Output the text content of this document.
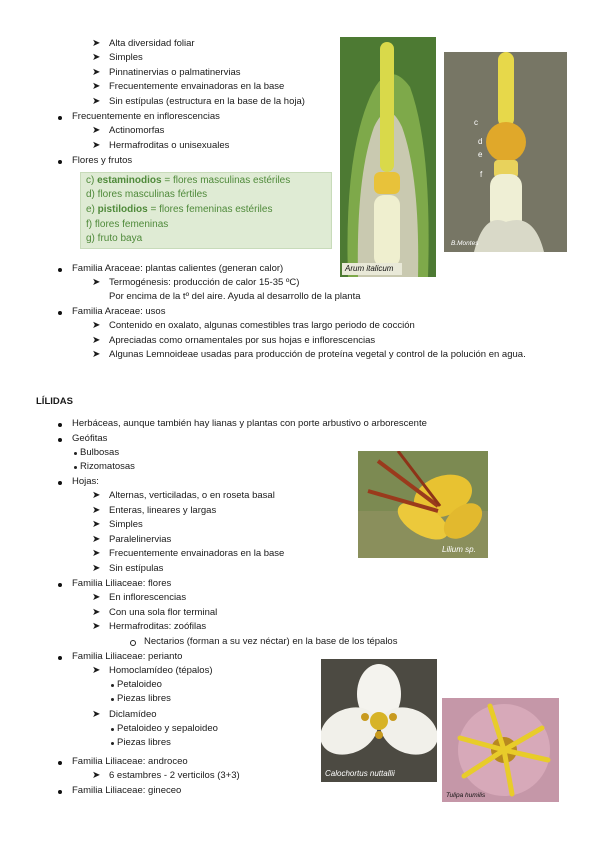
➤ Alta diversidad foliar
➤ Simples
➤ Pinnatinervias o palmatinervias
➤ Frecuentemente envainadoras en la base
➤ Sin estípulas (estructura en la base de la hoja)
Frecuentemente en inflorescencias
➤ Actinomorfas
➤ Hermafroditas o unisexuales
Flores y frutos
c) estaminodios = flores masculinas estériles
d) flores masculinas fértiles
e) pistilodios = flores femeninas estériles
f) flores femeninas
g) fruto baya
Familia Araceae: plantas calientes (generan calor)
➤ Termogénesis: producción de calor 15-35 ºC)
Por encima de la tº del aire. Ayuda al desarrollo de la planta
Familia Araceae: usos
➤ Contenido en oxalato, algunas comestibles tras largo periodo de cocción
➤ Apreciadas como ornamentales por sus hojas e inflorescencias
➤ Algunas Lemnoideae usadas para producción de proteína vegetal y control de la polución en agua.
LÍLIDAS
Herbáceas, aunque también hay lianas y plantas con porte arbustivo o arborescente
Geófitas
Bulbosas
Rizomatosas
Hojas:
➤ Alternas, verticiladas, o en roseta basal
➤ Enteras, lineares y largas
➤ Simples
➤ Paralelinervias
➤ Frecuentemente envainadoras en la base
➤ Sin estípulas
Familia Liliaceae: flores
➤ En inflorescencias
➤ Con una sola flor terminal
➤ Hermafroditas: zoófilas
Nectarios (forman a su vez néctar) en la base de los tépalos
Familia Liliaceae: perianto
➤ Homoclamídeo (tépalos)
Petaloideo
Piezas libres
➤ Diclamídeo
Petaloideo y sepaloideo
Piezas libres
Familia Liliaceae: androceo
➤ 6 estambres - 2 verticilos (3+3)
Familia Liliaceae: gineceo
Arum italicum
c
d
e
f
B.Montes
Lilium sp.
Calochortus nuttallii
Tulipa humilis
